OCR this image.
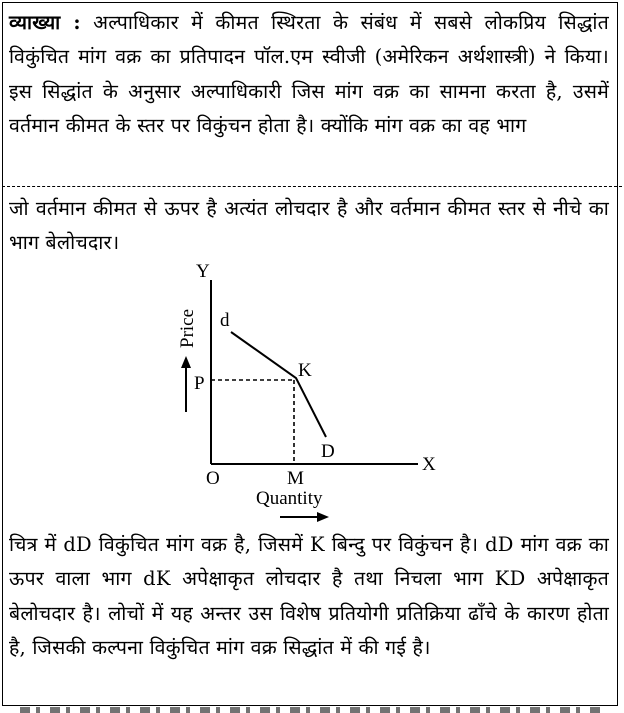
व्याख्या : अल्पाधिकार में कीमत स्थिरता के संबंध में सबसे लोकप्रिय सिद्धांत विकुंचित मांग वक्र का प्रतिपादन पॉल.एम स्वीजी (अमेरिकन अर्थशास्त्री) ने किया। इस सिद्धांत के अनुसार अल्पाधिकारी जिस मांग वक्र का सामना करता है, उसमें वर्तमान कीमत के स्तर पर विकुंचन होता है। क्योंकि मांग वक्र का वह भाग
जो वर्तमान कीमत से ऊपर है अत्यंत लोचदार है और वर्तमान कीमत स्तर से नीचे का भाग बेलोचदार।
Y
X
O
P
M
d
K
D
Price
Quantity
चित्र में dD विकुंचित मांग वक्र है, जिसमें K बिन्दु पर विकुंचन है। dD मांग वक्र का ऊपर वाला भाग dK अपेक्षाकृत लोचदार है तथा निचला भाग KD अपेक्षाकृत बेलोचदार है। लोचों में यह अन्तर उस विशेष प्रतियोगी प्रतिक्रिया ढाँचे के कारण होता है, जिसकी कल्पना विकुंचित मांग वक्र सिद्धांत में की गई है।
